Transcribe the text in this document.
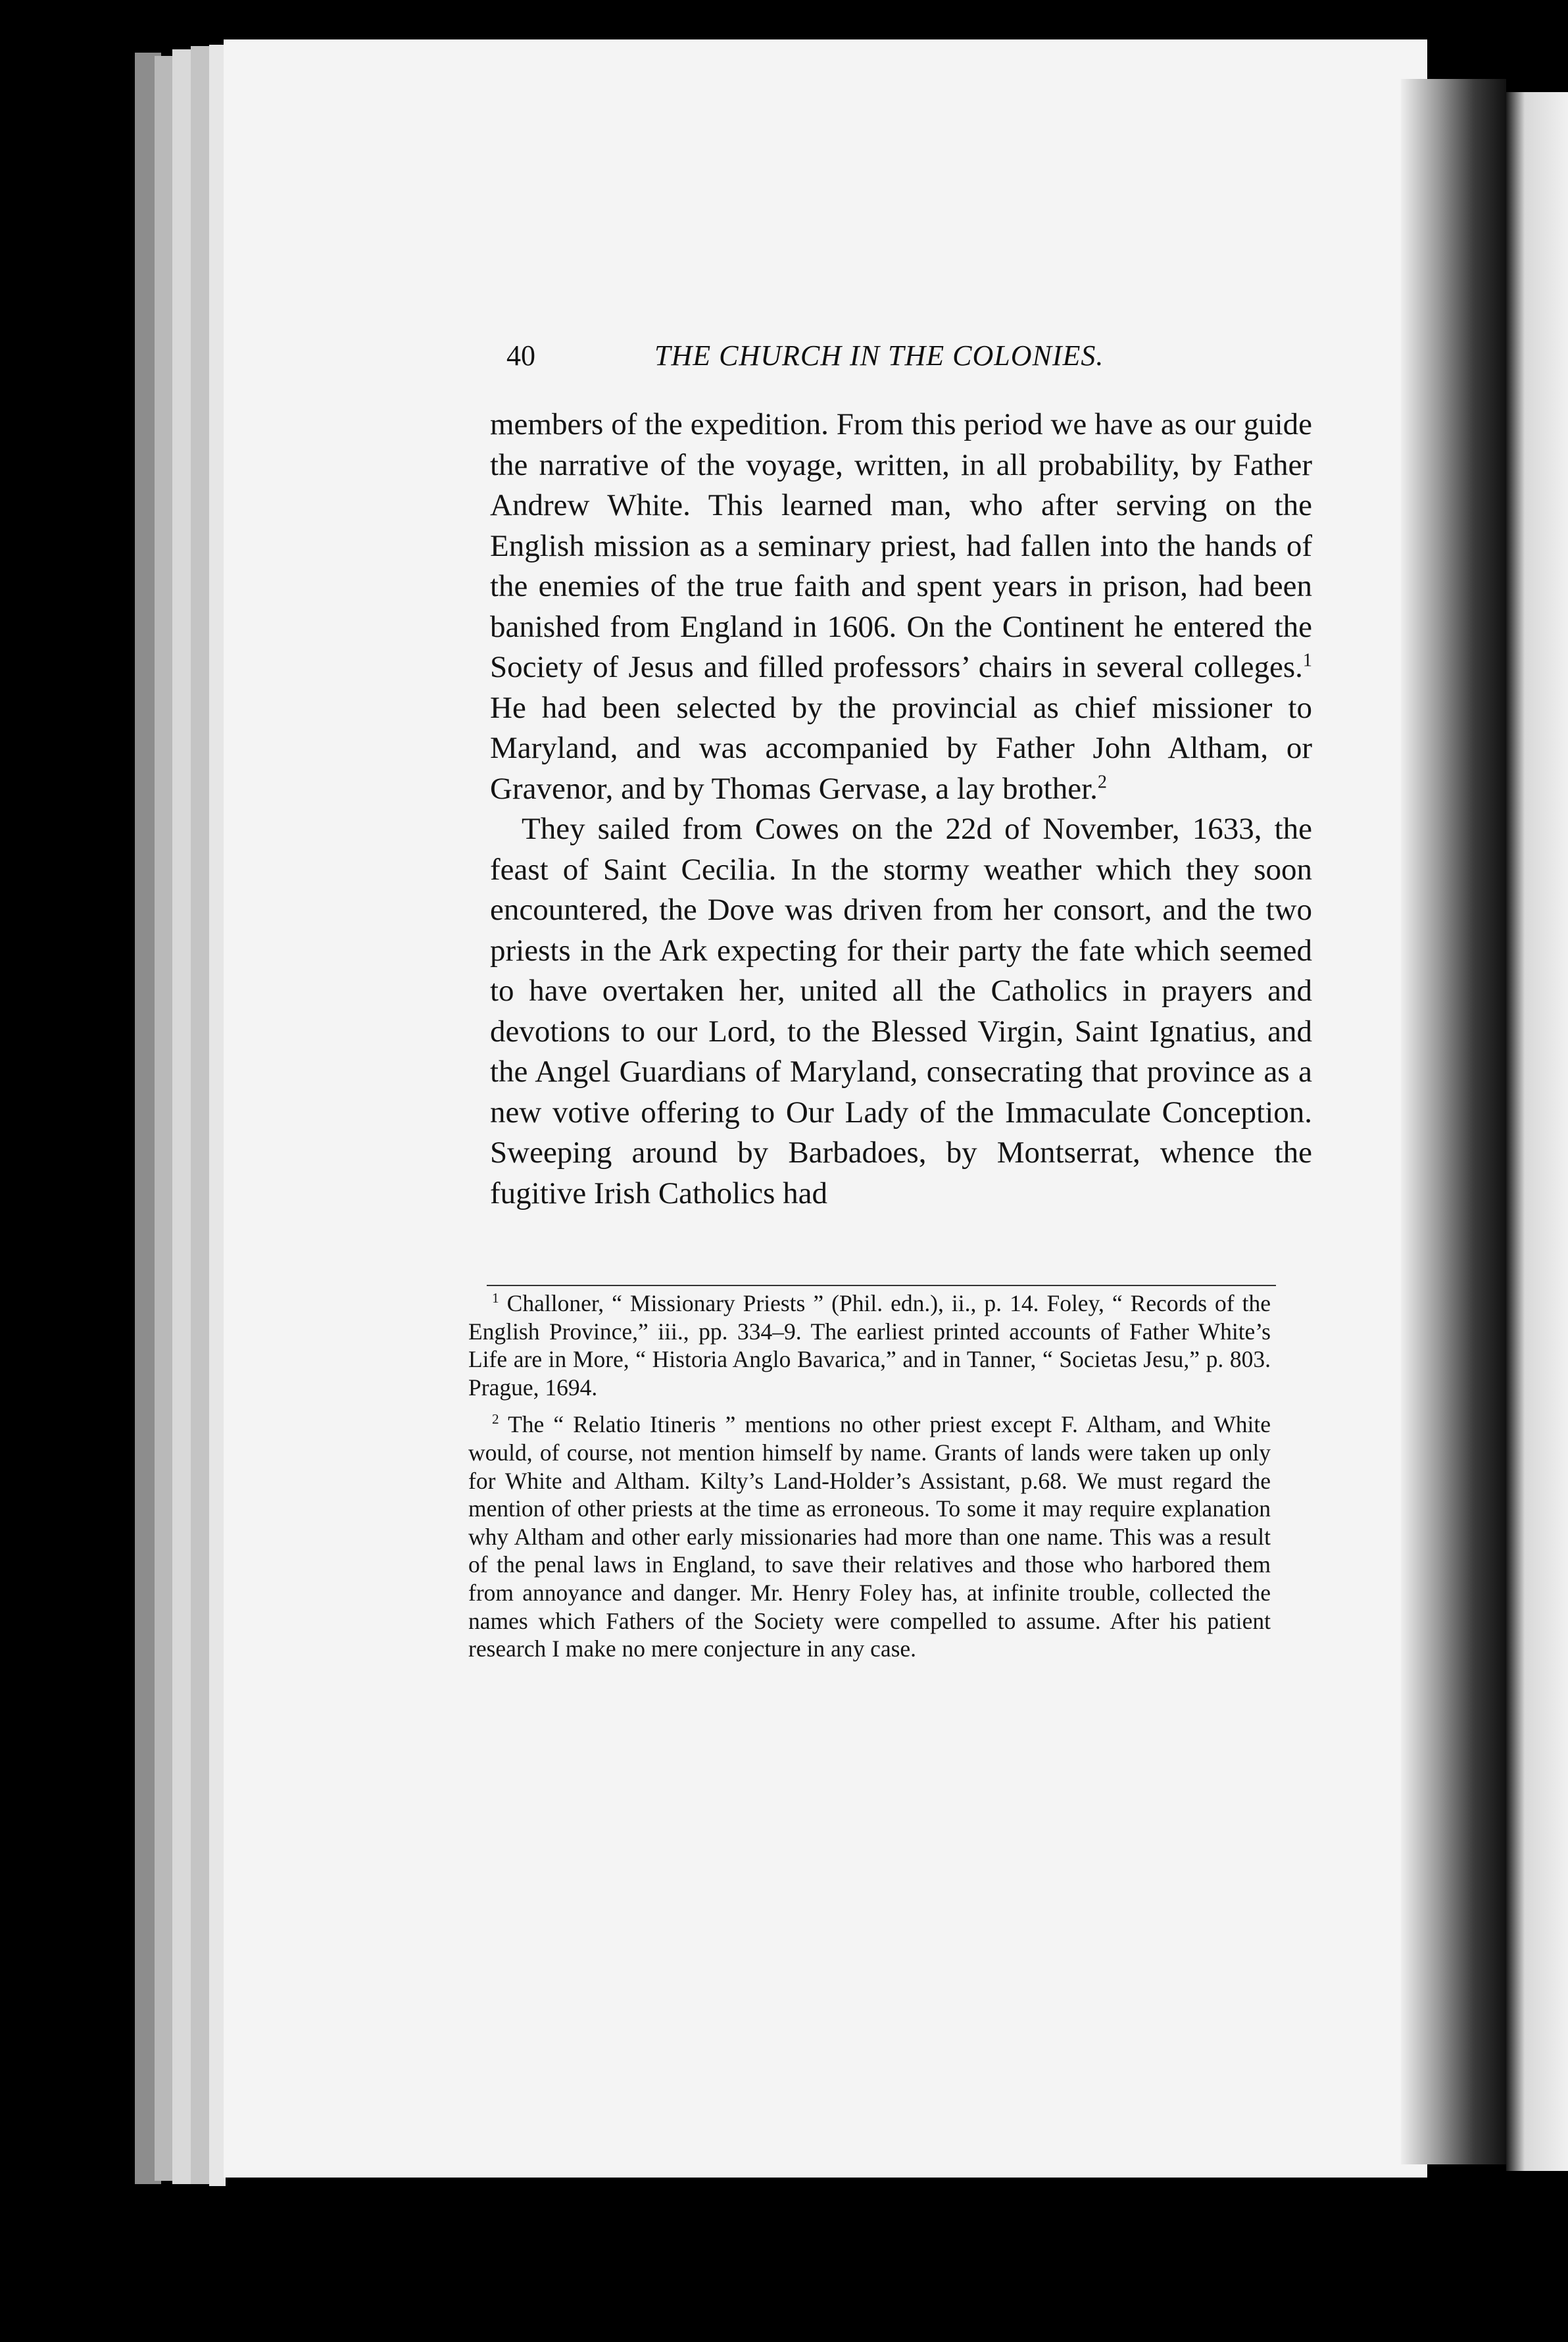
40	THE CHURCH IN THE COLONIES.

members of the expedition. From this period we have as our guide the narrative of the voyage, written, in all probability, by Father Andrew White. This learned man, who after serving on the English mission as a seminary priest, had fallen into the hands of the enemies of the true faith and spent years in prison, had been banished from England in 1606. On the Continent he entered the Society of Jesus and filled professors’ chairs in several colleges.$^1$ He had been selected by the provincial as chief missioner to Maryland, and was accompanied by Father John Altham, or Gravenor, and by Thomas Gervase, a lay brother.$^2$

They sailed from Cowes on the 22d of November, 1633, the feast of Saint Cecilia. In the stormy weather which they soon encountered, the Dove was driven from her consort, and the two priests in the Ark expecting for their party the fate which seemed to have overtaken her, united all the Catholics in prayers and devotions to our Lord, to the Blessed Virgin, Saint Ignatius, and the Angel Guardians of Maryland, consecrating that province as a new votive offering to Our Lady of the Immaculate Conception. Sweeping around by Barbadoes, by Montserrat, whence the fugitive Irish Catholics had

$^1$ Challoner, “ Missionary Priests ” (Phil. edn.), ii., p. 14. Foley, “ Records of the English Province,” iii., pp. 334–9. The earliest printed accounts of Father White’s Life are in More, “ Historia Anglo Bavarica,” and in Tanner, “ Societas Jesu,” p. 803. Prague, 1694.

$^2$ The “ Relatio Itineris ” mentions no other priest except F. Altham, and White would, of course, not mention himself by name. Grants of lands were taken up only for White and Altham. Kilty’s Land-Holder’s Assistant, p.68. We must regard the mention of other priests at the time as erroneous. To some it may require explanation why Altham and other early missionaries had more than one name. This was a result of the penal laws in England, to save their relatives and those who harbored them from annoyance and danger. Mr. Henry Foley has, at infinite trouble, collected the names which Fathers of the Society were compelled to assume. After his patient research I make no mere conjecture in any case.
